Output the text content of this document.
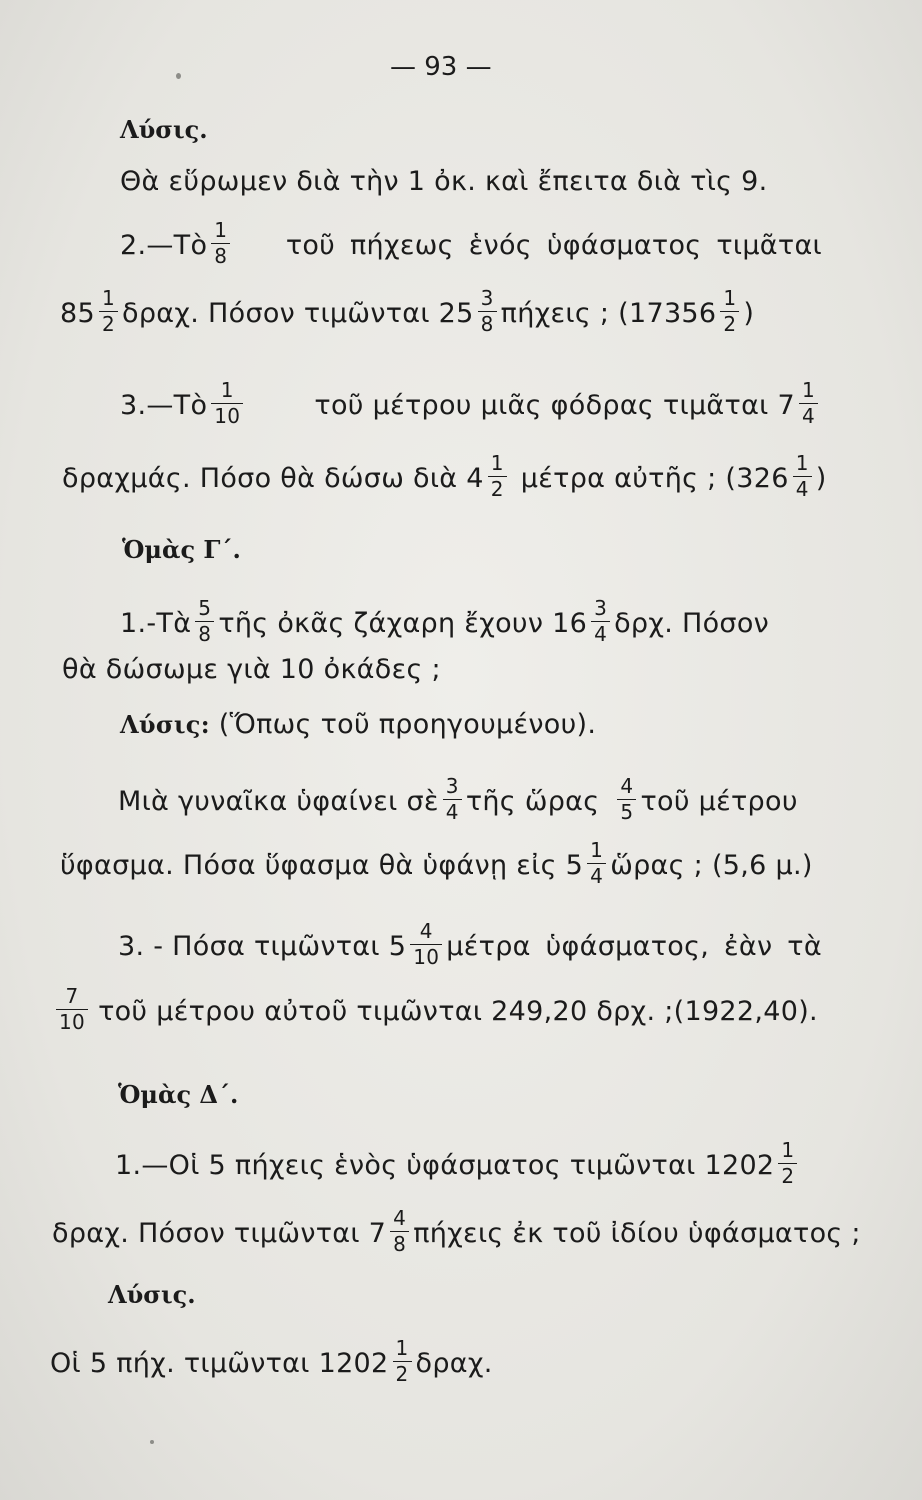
— 93 —
Λύσις.
Θὰ εὕρωμεν διὰ τὴν 1 ὀκ. καὶ ἔπειτα διὰ τὶς 9.
2.—Τὸ 1
8	τοῦ πήχεως ἑνός ὑφάσματος τιμᾶται
85 1
2 δραχ. Πόσον τιμῶνται 25 3
8 πήχεις ; (17356 1
2 )
3.—Τὸ 1
10	τοῦ μέτρου μιᾶς φόδρας τιμᾶται 7 1
4
δραχμάς. Πόσο θὰ δώσω διὰ 4 1
2 μέτρα αὐτῆς ; (326 1
4 )
Ὁμὰς Γ΄.
1.-Τὰ 5
8 τῆς ὀκᾶς ζάχαρη ἔχουν 16 3
4 δρχ. Πόσον
θὰ δώσωμε γιὰ 10 ὀκάδες ;
Λύσις: (Ὅπως τοῦ προηγουμένου).
Μιὰ γυναῖκα ὑφαίνει σὲ 3
4 τῆς ὥρας 4
5 τοῦ μέτρου
ὕφασμα. Πόσα ὕφασμα θὰ ὑφάνῃ εἰς 5 1
4 ὥρας ; (5,6 μ.)
3. - Πόσα τιμῶνται 5 4
10 μέτρα ὑφάσματος, ἐὰν τὰ
7
10 τοῦ μέτρου αὐτοῦ τιμῶνται 249,20 δρχ. ; (1922,40).
Ὁμὰς Δ΄.
1.—Οἱ 5 πήχεις ἑνὸς ὑφάσματος τιμῶνται 1202 1
2
δραχ. Πόσον τιμῶνται 7 4
8 πήχεις ἐκ τοῦ ἰδίου ὑφάσματος ;
Λύσις.
Οἱ 5 πήχ. τιμῶνται 1202 1
2 δραχ.
